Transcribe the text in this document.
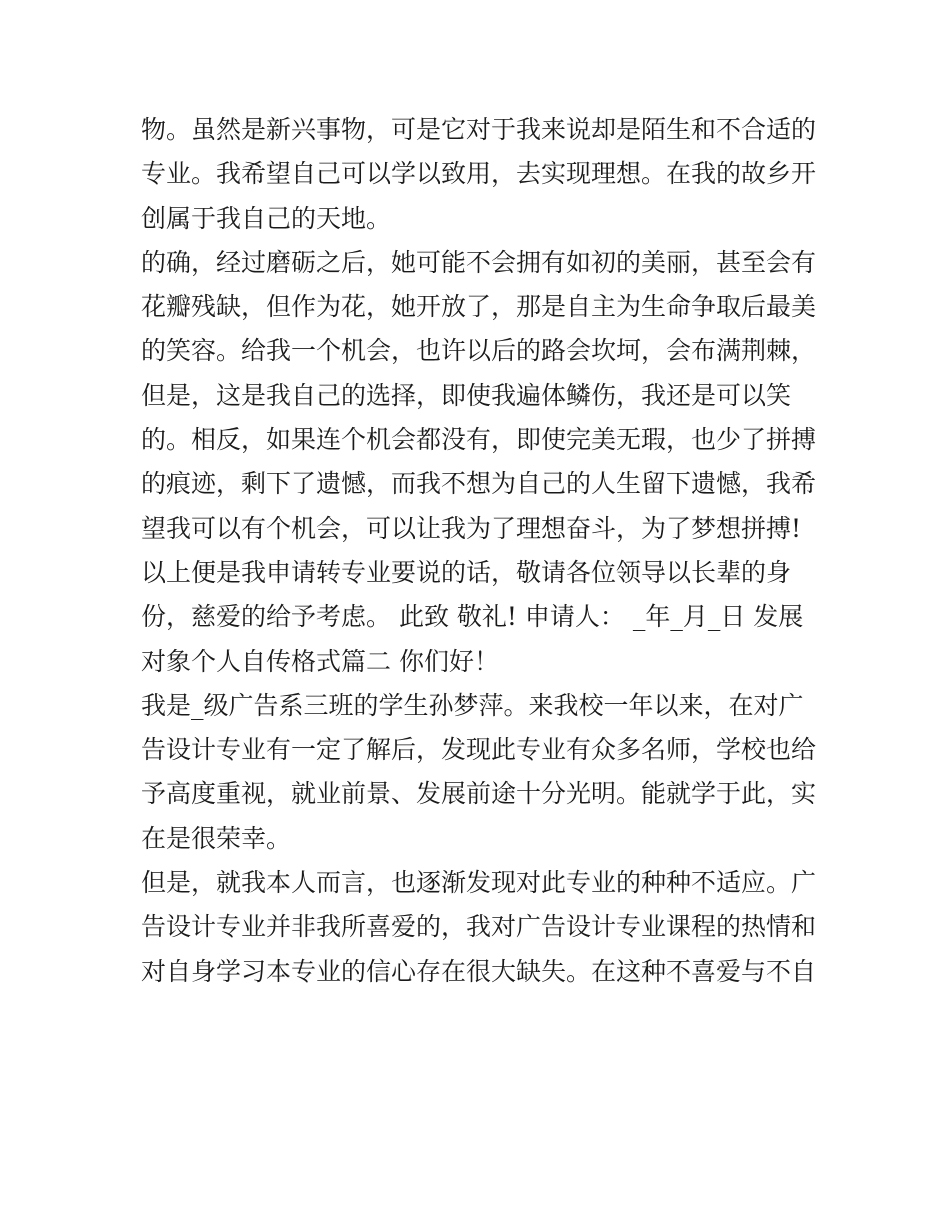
物。虽然是新兴事物，可是它对于我来说却是陌生和不合适的
专业。我希望自己可以学以致用，去实现理想。在我的故乡开
创属于我自己的天地。

的确，经过磨砺之后，她可能不会拥有如初的美丽，甚至会有
花瓣残缺，但作为花，她开放了，那是自主为生命争取后最美
的笑容。给我一个机会，也许以后的路会坎坷，会布满荆棘，
但是，这是我自己的选择，即使我遍体鳞伤，我还是可以笑
的。相反，如果连个机会都没有，即使完美无瑕，也少了拼搏
的痕迹，剩下了遗憾，而我不想为自己的人生留下遗憾，我希
望我可以有个机会，可以让我为了理想奋斗，为了梦想拼搏!
以上便是我申请转专业要说的话，敬请各位领导以长辈的身
份，慈爱的给予考虑。 此致 敬礼! 申请人： _年_月_日 发展
对象个人自传格式篇二 你们好！

我是_级广告系三班的学生孙梦萍。来我校一年以来，在对广
告设计专业有一定了解后，发现此专业有众多名师，学校也给
予高度重视，就业前景、发展前途十分光明。能就学于此，实
在是很荣幸。

但是，就我本人而言，也逐渐发现对此专业的种种不适应。广
告设计专业并非我所喜爱的，我对广告设计专业课程的热情和
对自身学习本专业的信心存在很大缺失。在这种不喜爱与不自
